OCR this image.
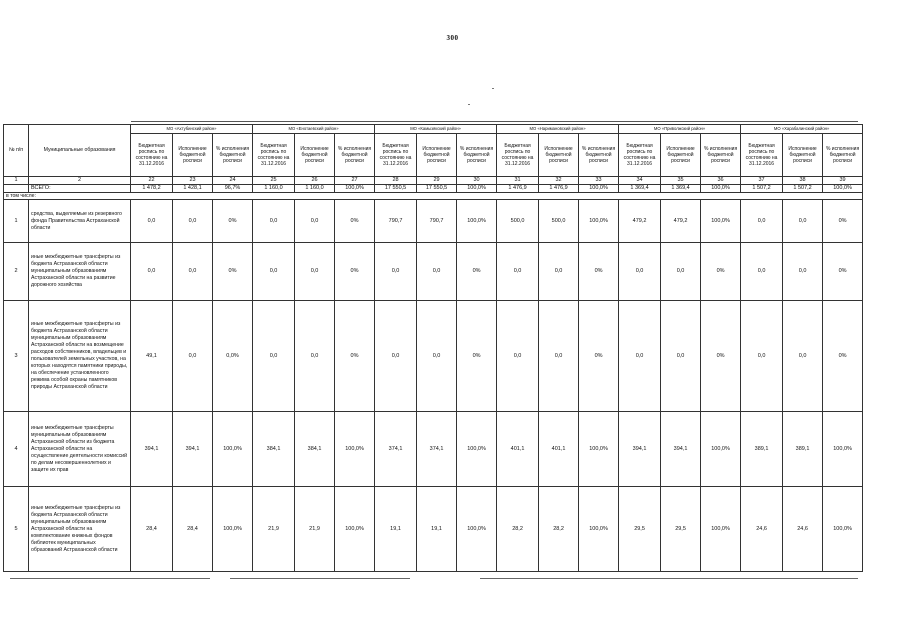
300
№ п/п	Муниципальные образования	МО «Ахтубинский район»			МО «Енотаевский район»			МО «Камызякский район»			МО «Наримановский район»			МО «Приволжский район»			МО «Харабалинский район»		
		Бюджетная роспись по состоянию на 31.12.2016	Исполнение бюджетной росписи	% исполнения бюджетной росписи	Бюджетная роспись по состоянию на 31.12.2016	Исполнение бюджетной росписи	% исполнения бюджетной росписи	Бюджетная роспись по состоянию на 31.12.2016	Исполнение бюджетной росписи	% исполнения бюджетной росписи	Бюджетная роспись по состоянию на 31.12.2016	Исполнение бюджетной росписи	% исполнения бюджетной росписи	Бюджетная роспись по состоянию на 31.12.2016	Исполнение бюджетной росписи	% исполнения бюджетной росписи	Бюджетная роспись по состоянию на 31.12.2016	Исполнение бюджетной росписи	% исполнения бюджетной росписи
1	2	22	23	24	25	26	27	28	29	30	31	32	33	34	35	36	37	38	39
	ВСЕГО:	1 478,2	1 428,1	96,7%	1 160,0	1 160,0	100,0%	17 550,5	17 550,5	100,0%	1 476,9	1 476,9	100,0%	1 369,4	1 369,4	100,0%	1 507,2	1 507,2	100,0%
в том числе:																			
1	средства, выделяемые из резервного фонда Правительства Астраханской области	0,0	0,0	0%	0,0	0,0	0%	790,7	790,7	100,0%	500,0	500,0	100,0%	479,2	479,2	100,0%	0,0	0,0	0%
2	иные межбюджетные трансферты из бюджета Астраханской области муниципальным образованиям Астраханской области на развитие дорожного хозяйства	0,0	0,0	0%	0,0	0,0	0%	0,0	0,0	0%	0,0	0,0	0%	0,0	0,0	0%	0,0	0,0	0%
3	иные межбюджетные трансферты из бюджета Астраханской области муниципальным образованиям Астраханской области на возмещение расходов собственников, владельцев и пользователей земельных участков, на которых находятся памятники природы, на обеспечение установленного режима особой охраны памятников природы Астраханской области	49,1	0,0	0,0%	0,0	0,0	0%	0,0	0,0	0%	0,0	0,0	0%	0,0	0,0	0%	0,0	0,0	0%
4	иные межбюджетные трансферты муниципальным образованиям Астраханской области из бюджета Астраханской области на осуществление деятельности комиссий по делам несовершеннолетних и защите их прав	394,1	394,1	100,0%	384,1	384,1	100,0%	374,1	374,1	100,0%	401,1	401,1	100,0%	394,1	394,1	100,0%	389,1	389,1	100,0%
5	иные межбюджетные трансферты из бюджета Астраханской области муниципальным образованиям Астраханской области на комплектование книжных фондов библиотек муниципальных образований Астраханской области	28,4	28,4	100,0%	21,9	21,9	100,0%	19,1	19,1	100,0%	28,2	28,2	100,0%	29,5	29,5	100,0%	24,6	24,6	100,0%
